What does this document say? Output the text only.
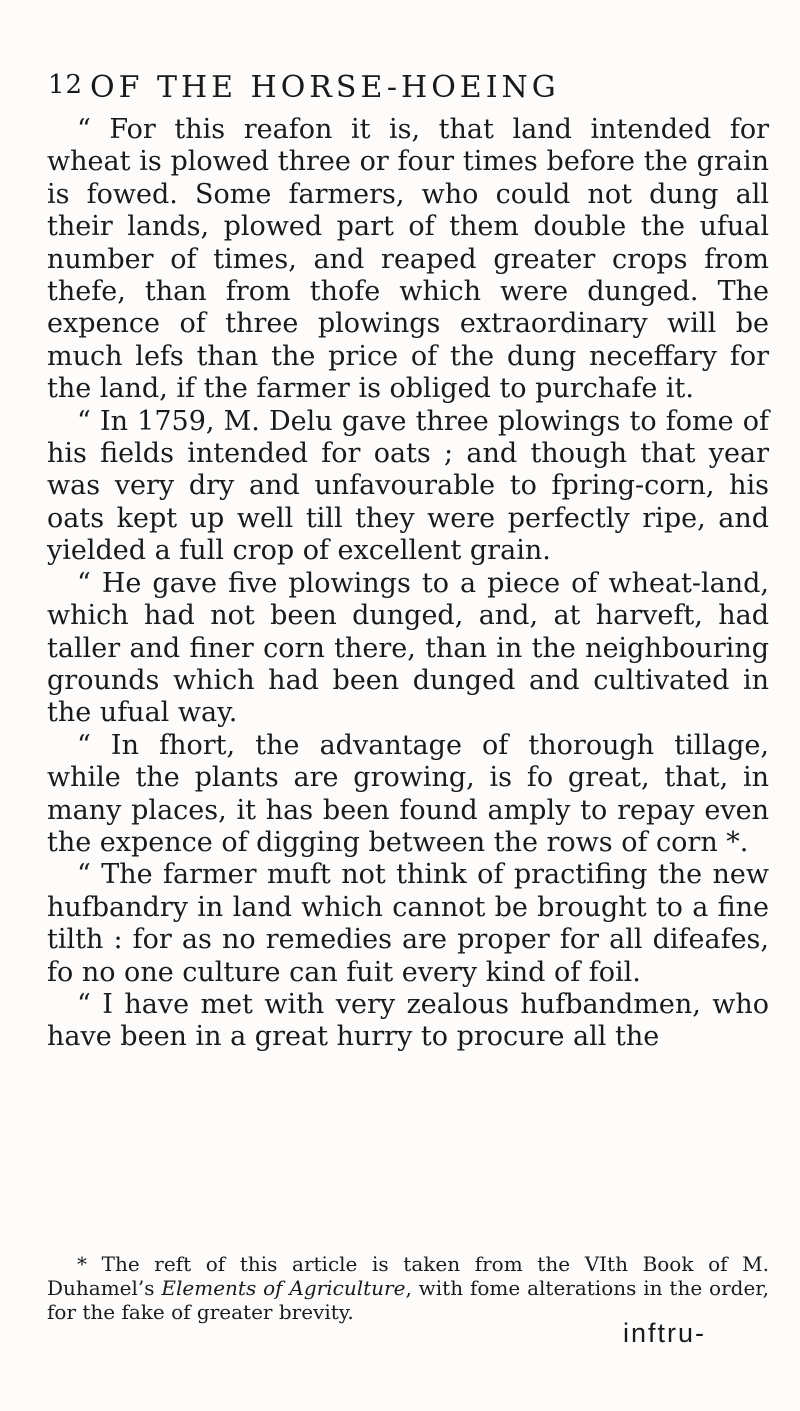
12 OF THE HORSE-HOEING

“ For this reafon it is, that land intended for wheat is plowed three or four times before the grain is fowed. Some farmers, who could not dung all their lands, plowed part of them double the ufual number of times, and reaped greater crops from thefe, than from thofe which were dunged. The expence of three plowings extraordinary will be much lefs than the price of the dung neceffary for the land, if the farmer is obliged to purchafe it.

“ In 1759, M. Delu gave three plowings to fome of his fields intended for oats ; and though that year was very dry and unfavourable to fpring-corn, his oats kept up well till they were perfectly ripe, and yielded a full crop of excellent grain.

“ He gave five plowings to a piece of wheat-land, which had not been dunged, and, at harveft, had taller and finer corn there, than in the neighbouring grounds which had been dunged and cultivated in the ufual way.

“ In fhort, the advantage of thorough tillage, while the plants are growing, is fo great, that, in many places, it has been found amply to repay even the expence of digging between the rows of corn *.

“ The farmer muft not think of practifing the new hufbandry in land which cannot be brought to a fine tilth : for as no remedies are proper for all difeafes, fo no one culture can fuit every kind of foil.

“ I have met with very zealous hufbandmen, who have been in a great hurry to procure all the

* The reft of this article is taken from the VIth Book of M. Duhamel’s Elements of Agriculture, with fome alterations in the order, for the fake of greater brevity.

inftru-
